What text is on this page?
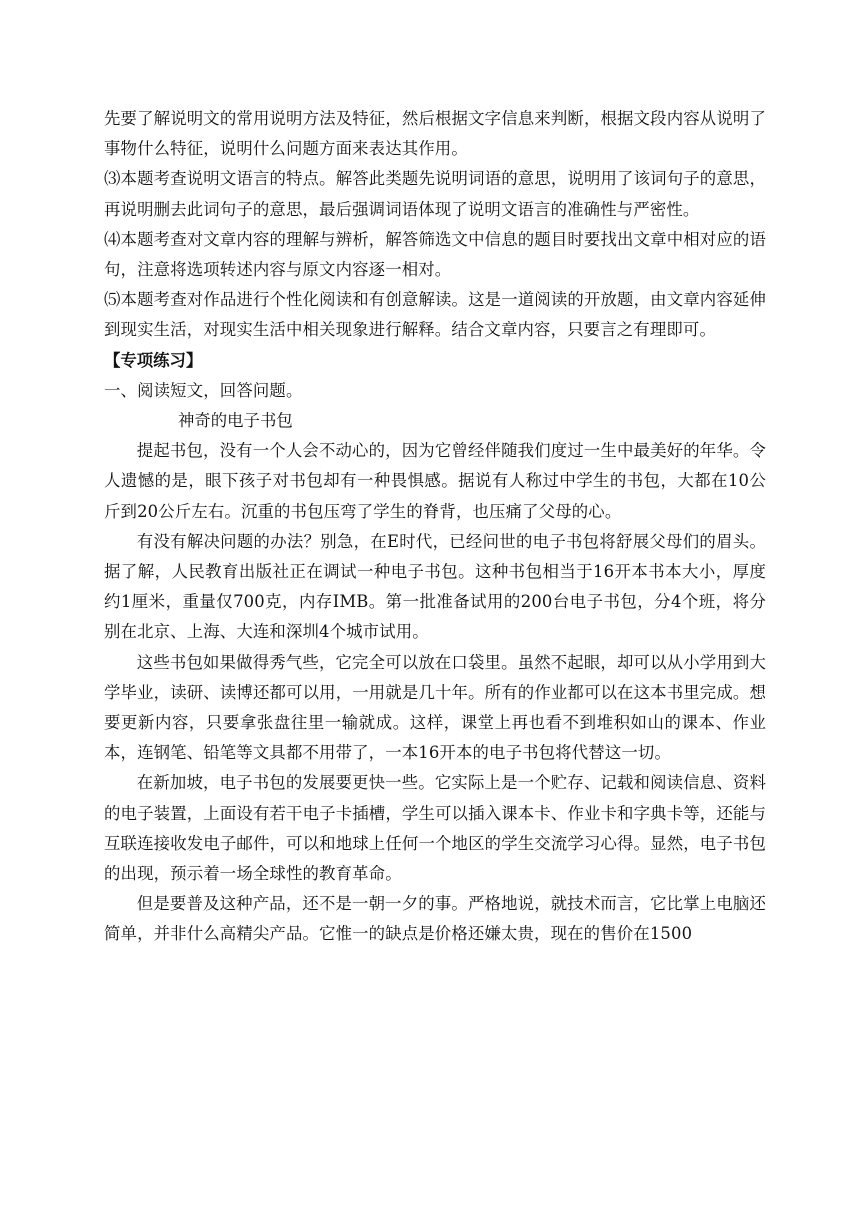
先要了解说明文的常用说明方法及特征，然后根据文字信息来判断，根据文段内容从说明了事物什么特征，说明什么问题方面来表达其作用。

⑶本题考查说明文语言的特点。解答此类题先说明词语的意思，说明用了该词句子的意思，再说明删去此词句子的意思，最后强调词语体现了说明文语言的准确性与严密性。

⑷本题考查对文章内容的理解与辨析，解答筛选文中信息的题目时要找出文章中相对应的语句，注意将选项转述内容与原文内容逐一相对。

⑸本题考查对作品进行个性化阅读和有创意解读。这是一道阅读的开放题，由文章内容延伸到现实生活，对现实生活中相关现象进行解释。结合文章内容，只要言之有理即可。

【专项练习】

一、阅读短文，回答问题。

神奇的电子书包

提起书包，没有一个人会不动心的，因为它曾经伴随我们度过一生中最美好的年华。令人遗憾的是，眼下孩子对书包却有一种畏惧感。据说有人称过中学生的书包，大都在10公斤到20公斤左右。沉重的书包压弯了学生的脊背，也压痛了父母的心。

有没有解决问题的办法？别急，在E时代，已经问世的电子书包将舒展父母们的眉头。据了解，人民教育出版社正在调试一种电子书包。这种书包相当于16开本书本大小，厚度约1厘米，重量仅700克，内存IMB。第一批准备试用的200台电子书包，分4个班，将分别在北京、上海、大连和深圳4个城市试用。

这些书包如果做得秀气些，它完全可以放在口袋里。虽然不起眼，却可以从小学用到大学毕业，读研、读博还都可以用，一用就是几十年。所有的作业都可以在这本书里完成。想要更新内容，只要拿张盘往里一输就成。这样，课堂上再也看不到堆积如山的课本、作业本，连钢笔、铅笔等文具都不用带了，一本16开本的电子书包将代替这一切。

在新加坡，电子书包的发展要更快一些。它实际上是一个贮存、记载和阅读信息、资料的电子装置，上面设有若干电子卡插槽，学生可以插入课本卡、作业卡和字典卡等，还能与互联连接收发电子邮件，可以和地球上任何一个地区的学生交流学习心得。显然，电子书包的出现，预示着一场全球性的教育革命。

但是要普及这种产品，还不是一朝一夕的事。严格地说，就技术而言，它比掌上电脑还简单，并非什么高精尖产品。它惟一的缺点是价格还嫌太贵，现在的售价在1500
